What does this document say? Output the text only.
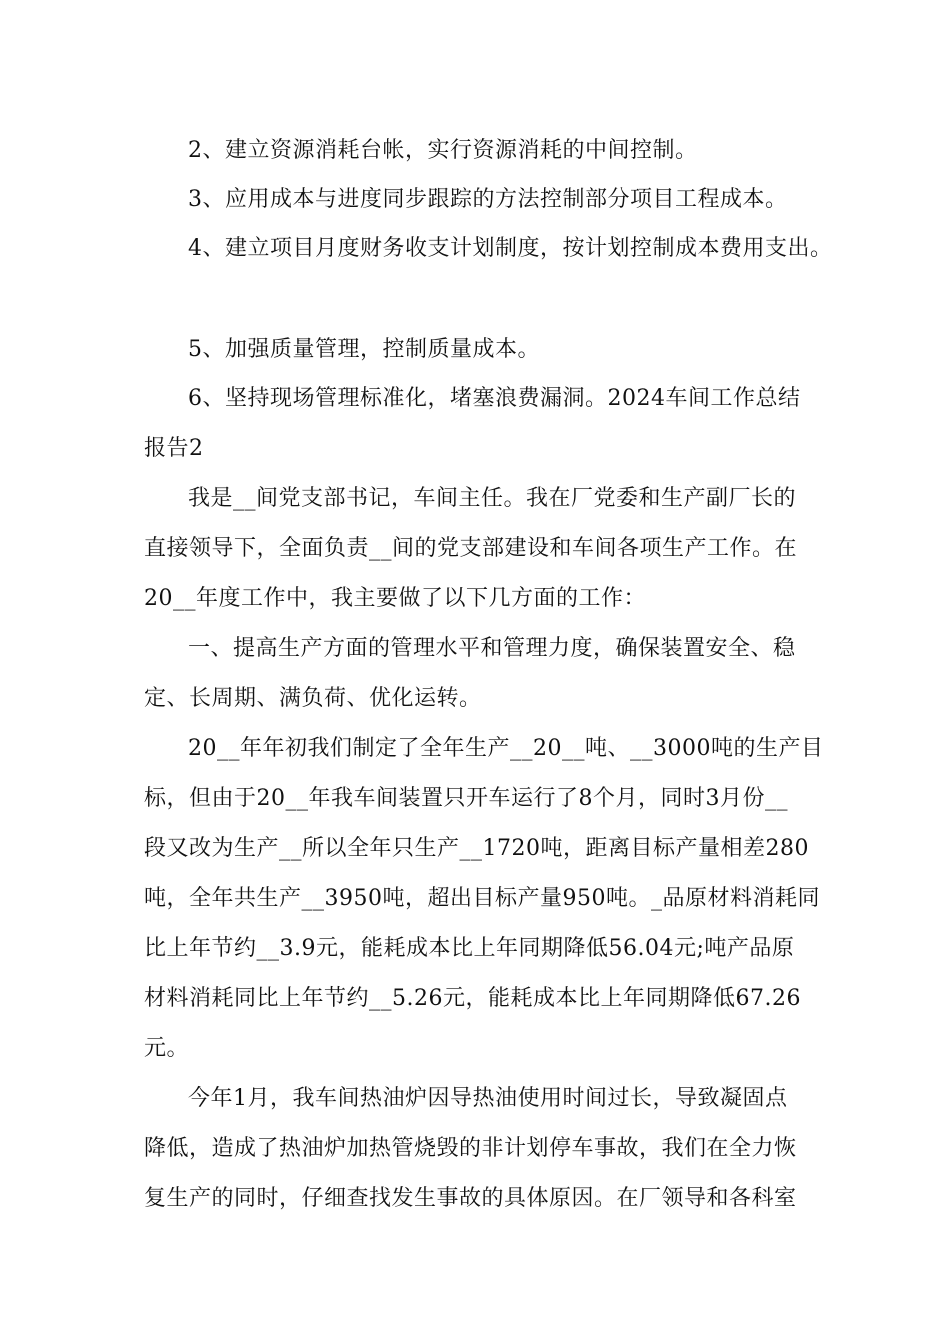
2、建立资源消耗台帐，实行资源消耗的中间控制。
3、应用成本与进度同步跟踪的方法控制部分项目工程成本。
4、建立项目月度财务收支计划制度，按计划控制成本费用支出。
5、加强质量管理，控制质量成本。
6、坚持现场管理标准化，堵塞浪费漏洞。2024车间工作总结
报告2
我是__间党支部书记，车间主任。我在厂党委和生产副厂长的
直接领导下，全面负责__间的党支部建设和车间各项生产工作。在
20__年度工作中，我主要做了以下几方面的工作：
一、提高生产方面的管理水平和管理力度，确保装置安全、稳
定、长周期、满负荷、优化运转。
20__年年初我们制定了全年生产__20__吨、__3000吨的生产目
标，但由于20__年我车间装置只开车运行了8个月，同时3月份__
段又改为生产__所以全年只生产__1720吨，距离目标产量相差280
吨，全年共生产__3950吨，超出目标产量950吨。_品原材料消耗同
比上年节约__3.9元，能耗成本比上年同期降低56.04元;吨产品原
材料消耗同比上年节约__5.26元，能耗成本比上年同期降低67.26
元。
今年1月，我车间热油炉因导热油使用时间过长，导致凝固点
降低，造成了热油炉加热管烧毁的非计划停车事故，我们在全力恢
复生产的同时，仔细查找发生事故的具体原因。在厂领导和各科室
